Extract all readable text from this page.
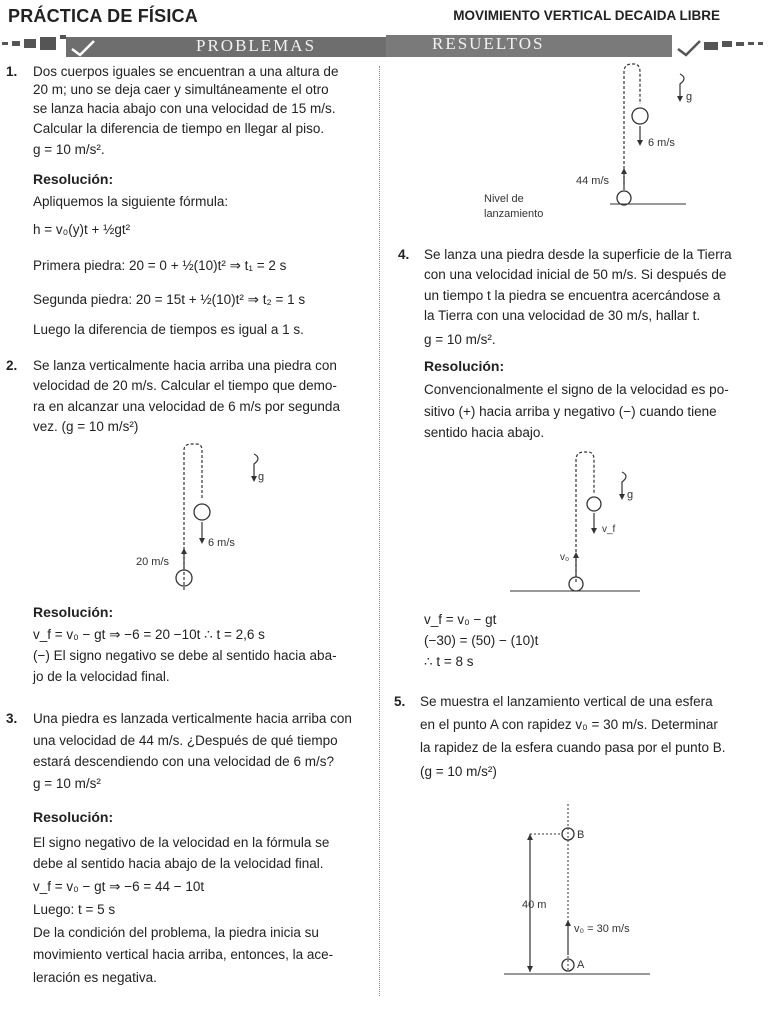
PRÁCTICA DE FÍSICA	MOVIMIENTO VERTICAL DECAIDA LIBRE
PROBLEMAS	RESUELTOS
1. Dos cuerpos iguales se encuentran a una altura de
20 m; uno se deja caer y simultáneamente el otro
se lanza hacia abajo con una velocidad de 15 m/s.
Calcular la diferencia de tiempo en llegar al piso.
g = 10 m/s².
Resolución:
Apliquemos la siguiente fórmula:
h = v₀(y)t + ½gt²
Primera piedra: 20 = 0 + ½(10)t² ⇒ t₁ = 2 s
Segunda piedra: 20 = 15t + ½(10)t² ⇒ t₂ = 1 s
Luego la diferencia de tiempos es igual a 1 s.
2. Se lanza verticalmente hacia arriba una piedra con
velocidad de 20 m/s. Calcular el tiempo que demo-
ra en alcanzar una velocidad de 6 m/s por segunda
vez. (g = 10 m/s²)
g
6 m/s
20 m/s
Resolución:
v_f = v₀ − gt ⇒ −6 = 20 −10t ∴ t = 2,6 s
(−) El signo negativo se debe al sentido hacia aba-
jo de la velocidad final.
3. Una piedra es lanzada verticalmente hacia arriba con
una velocidad de 44 m/s. ¿Después de qué tiempo
estará descendiendo con una velocidad de 6 m/s?
g = 10 m/s²
Resolución:
El signo negativo de la velocidad en la fórmula se
debe al sentido hacia abajo de la velocidad final.
v_f = v₀ − gt ⇒ −6 = 44 − 10t
Luego: t = 5 s
De la condición del problema, la piedra inicia su
movimiento vertical hacia arriba, entonces, la ace-
leración es negativa.
g
6 m/s
44 m/s
Nivel de
lanzamiento
4. Se lanza una piedra desde la superficie de la Tierra
con una velocidad inicial de 50 m/s. Si después de
un tiempo t la piedra se encuentra acercándose a
la Tierra con una velocidad de 30 m/s, hallar t.
g = 10 m/s².
Resolución:
Convencionalmente el signo de la velocidad es po-
sitivo (+) hacia arriba y negativo (−) cuando tiene
sentido hacia abajo.
g
v_f
v₀
v_f = v₀ − gt
(−30) = (50) − (10)t
∴ t = 8 s
5. Se muestra el lanzamiento vertical de una esfera
en el punto A con rapidez v₀ = 30 m/s. Determinar
la rapidez de la esfera cuando pasa por el punto B.
(g = 10 m/s²)
B
A
40 m
v₀ = 30 m/s
